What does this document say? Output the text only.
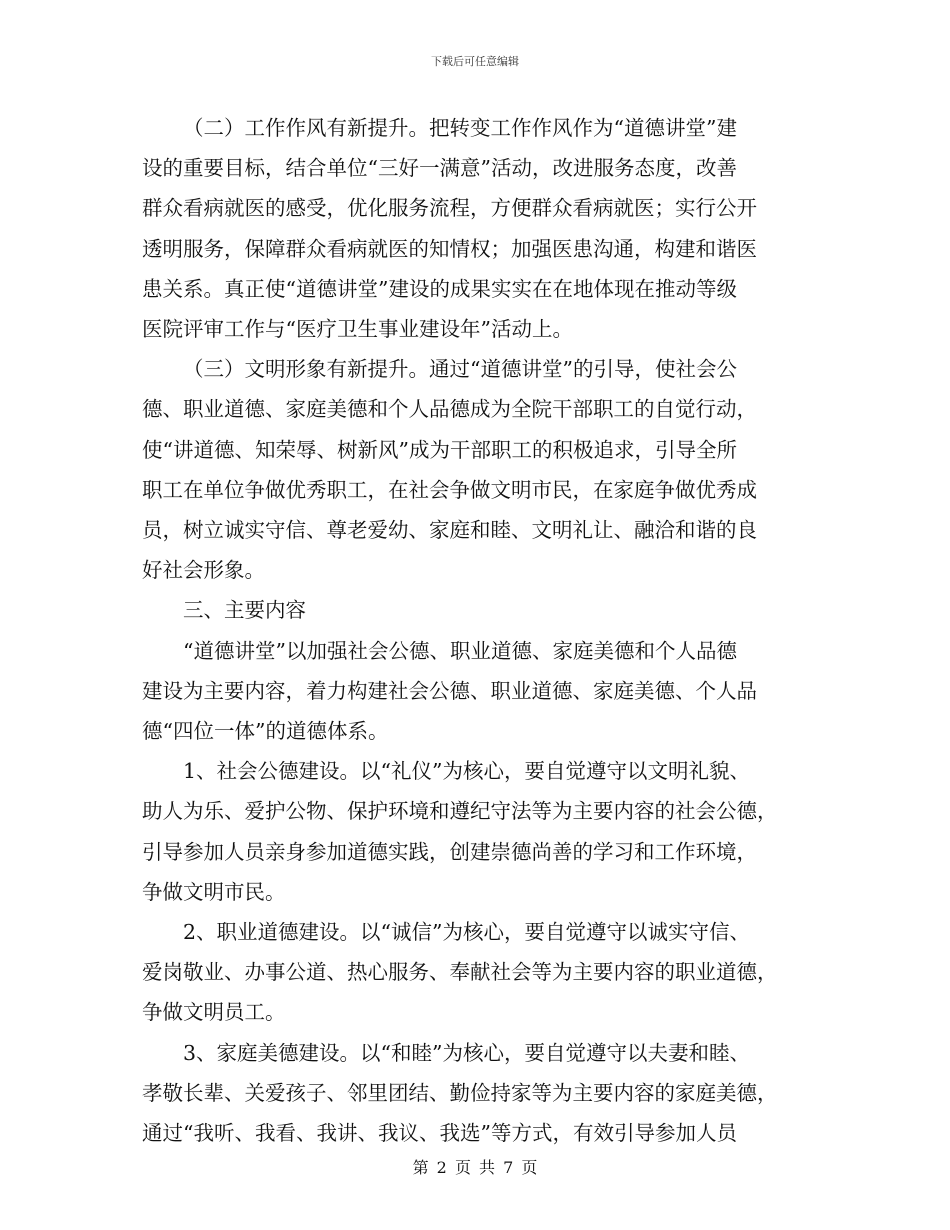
下载后可任意编辑

（二）工作作风有新提升。把转变工作作风作为“道德讲堂”建
设的重要目标，结合单位“三好一满意”活动，改进服务态度，改善
群众看病就医的感受，优化服务流程，方便群众看病就医；实行公开
透明服务，保障群众看病就医的知情权；加强医患沟通，构建和谐医
患关系。真正使“道德讲堂”建设的成果实实在在地体现在推动等级
医院评审工作与“医疗卫生事业建设年”活动上。

（三）文明形象有新提升。通过“道德讲堂”的引导，使社会公
德、职业道德、家庭美德和个人品德成为全院干部职工的自觉行动，
使“讲道德、知荣辱、树新风”成为干部职工的积极追求，引导全所
职工在单位争做优秀职工，在社会争做文明市民，在家庭争做优秀成
员，树立诚实守信、尊老爱幼、家庭和睦、文明礼让、融洽和谐的良
好社会形象。

三、主要内容

“道德讲堂”以加强社会公德、职业道德、家庭美德和个人品德
建设为主要内容，着力构建社会公德、职业道德、家庭美德、个人品
德“四位一体”的道德体系。

1、社会公德建设。以“礼仪”为核心，要自觉遵守以文明礼貌、
助人为乐、爱护公物、保护环境和遵纪守法等为主要内容的社会公德，
引导参加人员亲身参加道德实践，创建崇德尚善的学习和工作环境，
争做文明市民。

2、职业道德建设。以“诚信”为核心，要自觉遵守以诚实守信、
爱岗敬业、办事公道、热心服务、奉献社会等为主要内容的职业道德，
争做文明员工。

3、家庭美德建设。以“和睦”为核心，要自觉遵守以夫妻和睦、
孝敬长辈、关爱孩子、邻里团结、勤俭持家等为主要内容的家庭美德，
通过“我听、我看、我讲、我议、我选”等方式，有效引导参加人员

第 2 页 共 7 页
